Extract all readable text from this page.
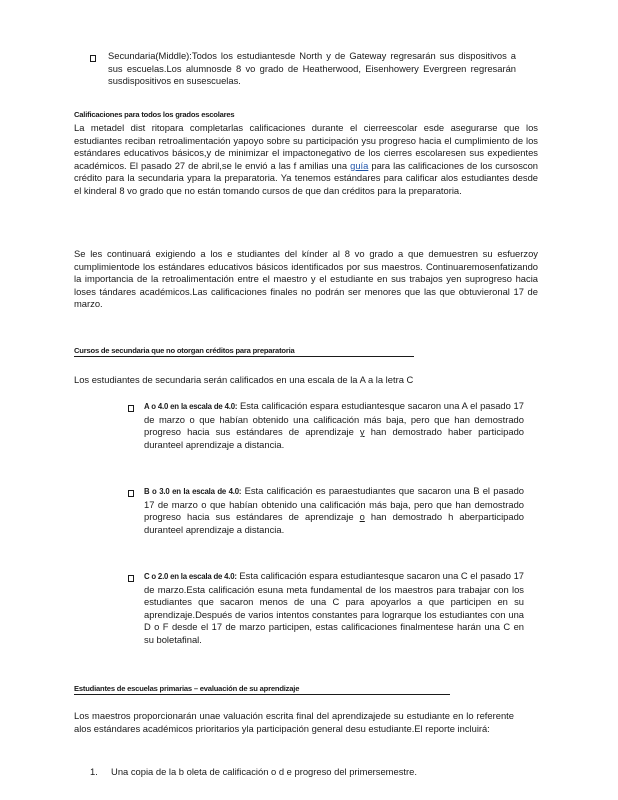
Secundaria(Middle):Todos los estudiantesde North y de Gateway regresarán sus dispositivos a sus escuelas.Los alumnosde 8 vo grado de Heatherwood, Eisenhowery Evergreen regresarán susdispositivos en susescuelas.

Calificaciones para todos los grados escolares

La metadel dist ritopara completarlas calificaciones durante el cierreescolar esde asegurarse que los estudiantes reciban retroalimentación yapoyo sobre su participación ysu progreso hacia el cumplimiento de los estándares educativos básicos,y de minimizar el impactonegativo de los cierres escolaresen sus expedientes académicos. El pasado 27 de abril,se le envió a las f amilias una guía para las calificaciones de los cursoscon crédito para la secundaria ypara la preparatoria. Ya tenemos estándares para calificar alos estudiantes desde el kinderal 8 vo grado que no están tomando cursos de que dan créditos para la preparatoria.

Se les continuará exigiendo a los e studiantes del kínder al 8 vo grado a que demuestren su esfuerzoy cumplimientode los estándares educativos básicos identificados por sus maestros. Continuaremosenfatizando la importancia de la retroalimentación entre el maestro y el estudiante en sus trabajos yen suprogreso hacia loses tándares académicos.Las calificaciones finales no podrán ser menores que las que obtuvieronal 17 de marzo.

Cursos de secundaria que no otorgan créditos para preparatoria

Los estudiantes de secundaria serán calificados en una escala de la A a la letra C

A o 4.0 en la escala de 4.0: Esta calificación espara estudiantesque sacaron una A el pasado 17 de marzo o que habían obtenido una calificación más baja, pero que han demostrado progreso hacia sus estándares de aprendizaje y han demostrado haber participado duranteel aprendizaje a distancia.

B o 3.0 en la escala de 4.0: Esta calificación es paraestudiantes que sacaron una B el pasado 17 de marzo o que habían obtenido una calificación más baja, pero que han demostrado progreso hacia sus estándares de aprendizaje o han demostrado h aberparticipado duranteel aprendizaje a distancia.

C o 2.0 en la escala de 4.0: Esta calificación espara estudiantesque sacaron una C el pasado 17 de marzo.Esta calificación esuna meta fundamental de los maestros para trabajar con los estudiantes que sacaron menos de una C para apoyarlos a que participen en su aprendizaje.Después de varios intentos constantes para lograrque los estudiantes con una D o F desde el 17 de marzo participen, estas calificaciones finalmentese harán una C en su boletafinal.

Estudiantes de escuelas primarias – evaluación de su aprendizaje

Los maestros proporcionarán unae valuación escrita final del aprendizajede su estudiante en lo referente alos estándares académicos prioritarios yla participación general desu estudiante.El reporte incluirá:

1. Una copia de la b oleta de calificación o d e progreso del primersemestre.
